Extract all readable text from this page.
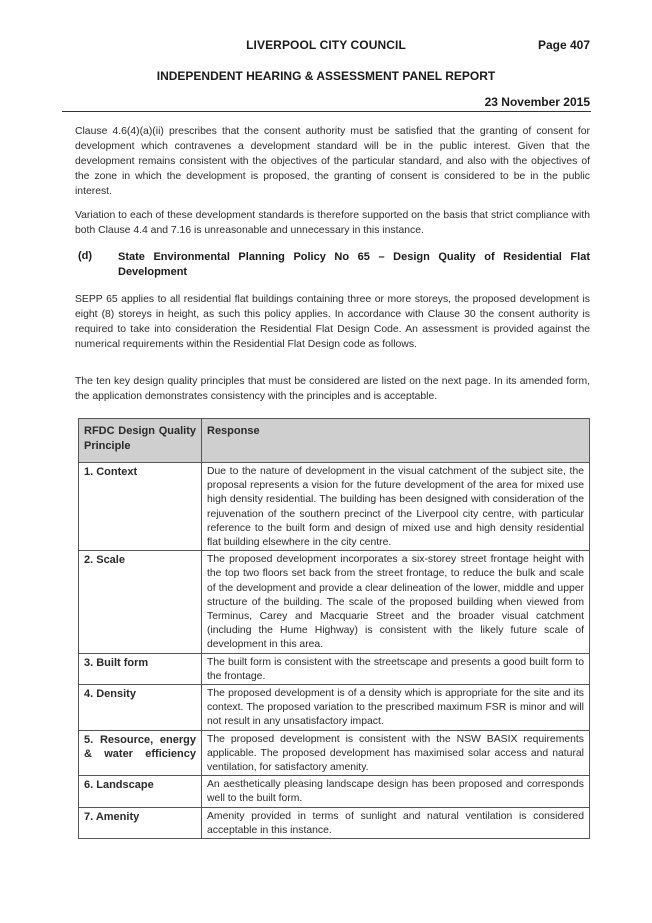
LIVERPOOL CITY COUNCIL	Page 407
INDEPENDENT HEARING & ASSESSMENT PANEL REPORT
23 November 2015

Clause 4.6(4)(a)(ii) prescribes that the consent authority must be satisfied that the granting of consent for development which contravenes a development standard will be in the public interest. Given that the development remains consistent with the objectives of the particular standard, and also with the objectives of the zone in which the development is proposed, the granting of consent is considered to be in the public interest.

Variation to each of these development standards is therefore supported on the basis that strict compliance with both Clause 4.4 and 7.16 is unreasonable and unnecessary in this instance.

(d) State Environmental Planning Policy No 65 – Design Quality of Residential Flat Development

SEPP 65 applies to all residential flat buildings containing three or more storeys, the proposed development is eight (8) storeys in height, as such this policy applies. In accordance with Clause 30 the consent authority is required to take into consideration the Residential Flat Design Code. An assessment is provided against the numerical requirements within the Residential Flat Design code as follows.

The ten key design quality principles that must be considered are listed on the next page. In its amended form, the application demonstrates consistency with the principles and is acceptable.

RFDC Design Quality Principle	Response
1. Context	Due to the nature of development in the visual catchment of the subject site, the proposal represents a vision for the future development of the area for mixed use high density residential. The building has been designed with consideration of the rejuvenation of the southern precinct of the Liverpool city centre, with particular reference to the built form and design of mixed use and high density residential flat building elsewhere in the city centre.
2. Scale	The proposed development incorporates a six-storey street frontage height with the top two floors set back from the street frontage, to reduce the bulk and scale of the development and provide a clear delineation of the lower, middle and upper structure of the building. The scale of the proposed building when viewed from Terminus, Carey and Macquarie Street and the broader visual catchment (including the Hume Highway) is consistent with the likely future scale of development in this area.
3. Built form	The built form is consistent with the streetscape and presents a good built form to the frontage.
4. Density	The proposed development is of a density which is appropriate for the site and its context. The proposed variation to the prescribed maximum FSR is minor and will not result in any unsatisfactory impact.

5. Resource, energy & water efficiency	The proposed development is consistent with the NSW BASIX requirements applicable. The proposed development has maximised solar access and natural ventilation, for satisfactory amenity.
6. Landscape	An aesthetically pleasing landscape design has been proposed and corresponds well to the built form.
7. Amenity	Amenity provided in terms of sunlight and natural ventilation is considered acceptable in this instance.
